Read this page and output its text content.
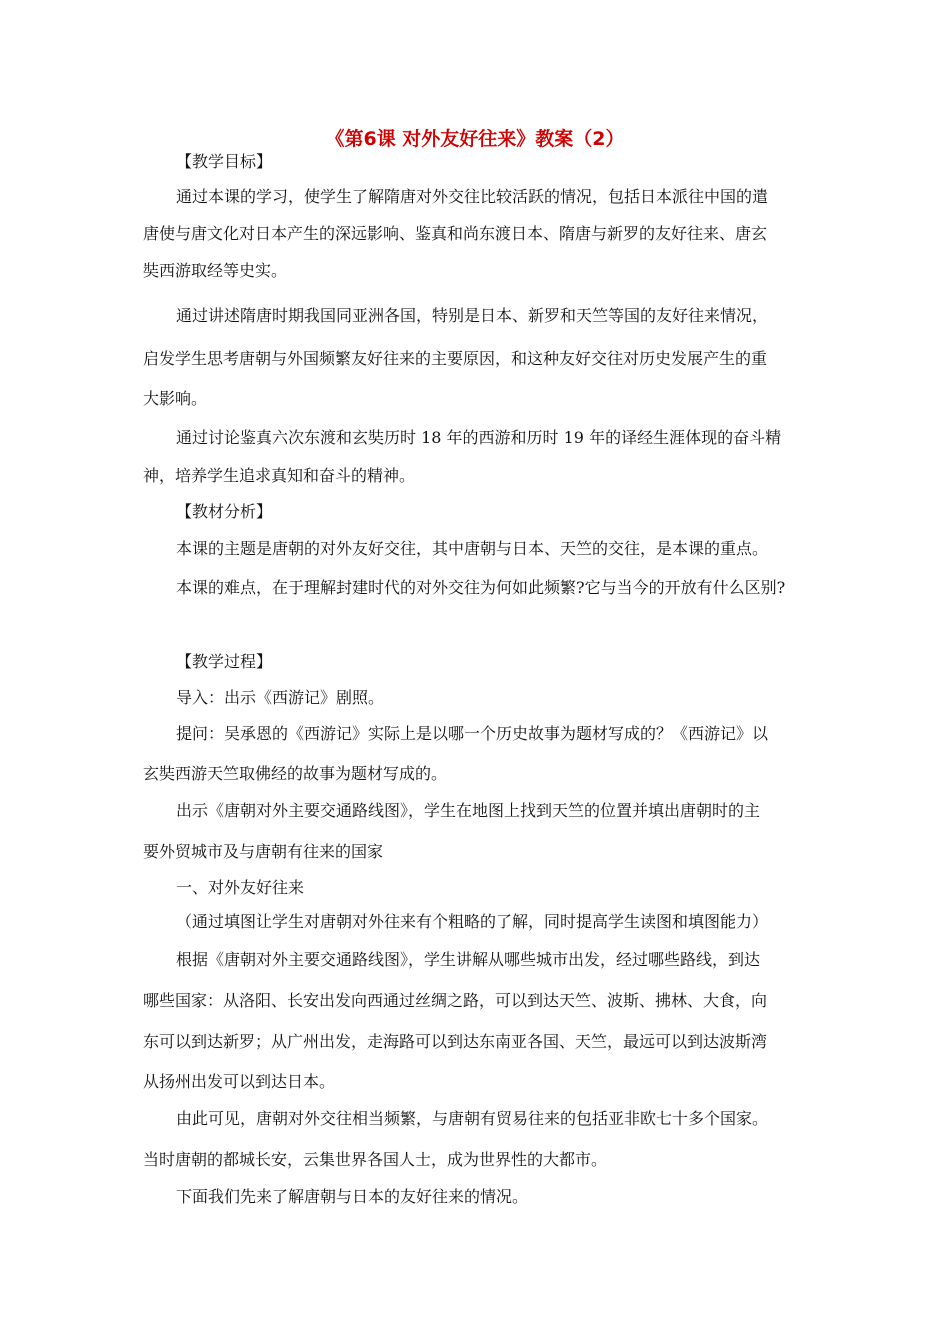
《第6课 对外友好往来》教案（2）
【教学目标】
通过本课的学习，使学生了解隋唐对外交往比较活跃的情况，包括日本派往中国的遣
唐使与唐文化对日本产生的深远影响、鉴真和尚东渡日本、隋唐与新罗的友好往来、唐玄
奘西游取经等史实。
通过讲述隋唐时期我国同亚洲各国，特别是日本、新罗和天竺等国的友好往来情况，
启发学生思考唐朝与外国频繁友好往来的主要原因，和这种友好交往对历史发展产生的重
大影响。
通过讨论鉴真六次东渡和玄奘历时 18 年的西游和历时 19 年的译经生涯体现的奋斗精
神，培养学生追求真知和奋斗的精神。
【教材分析】
本课的主题是唐朝的对外友好交往，其中唐朝与日本、天竺的交往，是本课的重点。
本课的难点，在于理解封建时代的对外交往为何如此频繁?它与当今的开放有什么区别?
【教学过程】
导入：出示《西游记》剧照。
提问：吴承恩的《西游记》实际上是以哪一个历史故事为题材写成的？《西游记》以
玄奘西游天竺取佛经的故事为题材写成的。
出示《唐朝对外主要交通路线图》，学生在地图上找到天竺的位置并填出唐朝时的主
要外贸城市及与唐朝有往来的国家
一、对外友好往来
（通过填图让学生对唐朝对外往来有个粗略的了解，同时提高学生读图和填图能力）
根据《唐朝对外主要交通路线图》，学生讲解从哪些城市出发，经过哪些路线，到达
哪些国家：从洛阳、长安出发向西通过丝绸之路，可以到达天竺、波斯、拂林、大食，向
东可以到达新罗；从广州出发，走海路可以到达东南亚各国、天竺，最远可以到达波斯湾
从扬州出发可以到达日本。
由此可见，唐朝对外交往相当频繁，与唐朝有贸易往来的包括亚非欧七十多个国家。
当时唐朝的都城长安，云集世界各国人士，成为世界性的大都市。
下面我们先来了解唐朝与日本的友好往来的情况。
